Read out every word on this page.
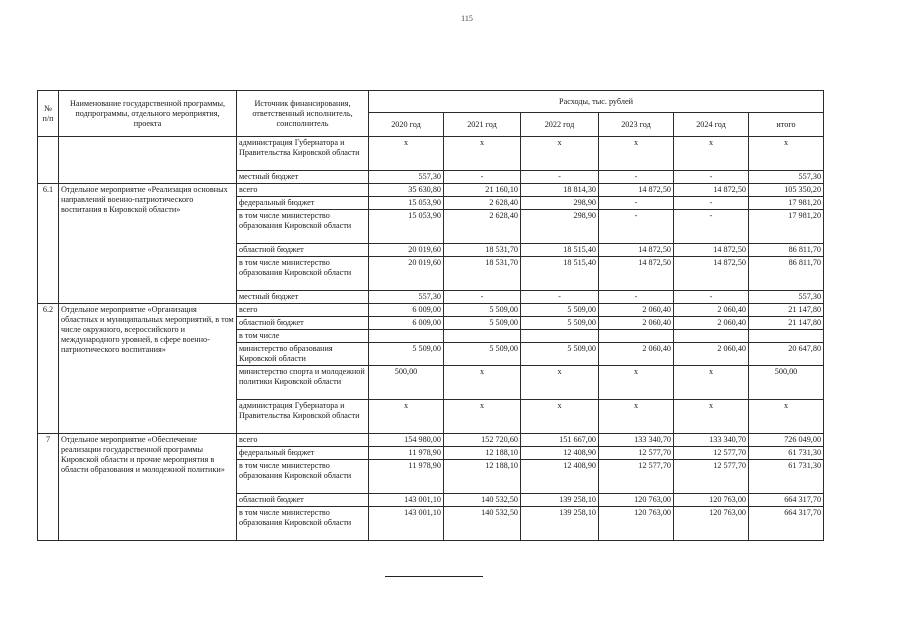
115
№ п/п	Наименование государственной программы, подпрограммы, отдельного мероприятия, проекта	Источник финансирования, ответственный исполнитель, соисполнитель	Расходы, тыс. рублей					
			2020 год	2021 год	2022 год	2023 год	2024 год	итого
		администрация Губернатора и Правительства Кировской области	x	x	x	x	x	x
		местный бюджет	557,30	-	-	-	-	557,30
6.1	Отдельное мероприятие «Реализация основных направлений военно-патриотического воспитания в Кировской области»	всего	35 630,80	21 160,10	18 814,30	14 872,50	14 872,50	105 350,20
		федеральный бюджет	15 053,90	2 628,40	298,90	-	-	17 981,20
		в том числе министерство образования Кировской области	15 053,90	2 628,40	298,90	-	-	17 981,20
		областной бюджет	20 019,60	18 531,70	18 515,40	14 872,50	14 872,50	86 811,70
		в том числе министерство образования Кировской области	20 019,60	18 531,70	18 515,40	14 872,50	14 872,50	86 811,70
		местный бюджет	557,30	-	-	-	-	557,30
6.2	Отдельное мероприятие «Организация областных и муниципальных мероприятий, в том числе окружного, всероссийского и международного уровней, в сфере военно-патриотического воспитания»	всего	6 009,00	5 509,00	5 509,00	2 060,40	2 060,40	21 147,80
		областной бюджет	6 009,00	5 509,00	5 509,00	2 060,40	2 060,40	21 147,80
		в том числе						
		министерство образования Кировской области	5 509,00	5 509,00	5 509,00	2 060,40	2 060,40	20 647,80
		министерство спорта и молодежной политики Кировской области	500,00	x	x	x	x	500,00
		администрация Губернатора и Правительства Кировской области	x	x	x	x	x	x
7	Отдельное мероприятие «Обеспечение реализации государственной программы Кировской области и прочие мероприятия в области образования и молодежной политики»	всего	154 980,00	152 720,60	151 667,00	133 340,70	133 340,70	726 049,00
		федеральный бюджет	11 978,90	12 188,10	12 408,90	12 577,70	12 577,70	61 731,30
		в том числе министерство образования Кировской области	11 978,90	12 188,10	12 408,90	12 577,70	12 577,70	61 731,30
		областной бюджет	143 001,10	140 532,50	139 258,10	120 763,00	120 763,00	664 317,70
		в том числе министерство образования Кировской области	143 001,10	140 532,50	139 258,10	120 763,00	120 763,00	664 317,70
